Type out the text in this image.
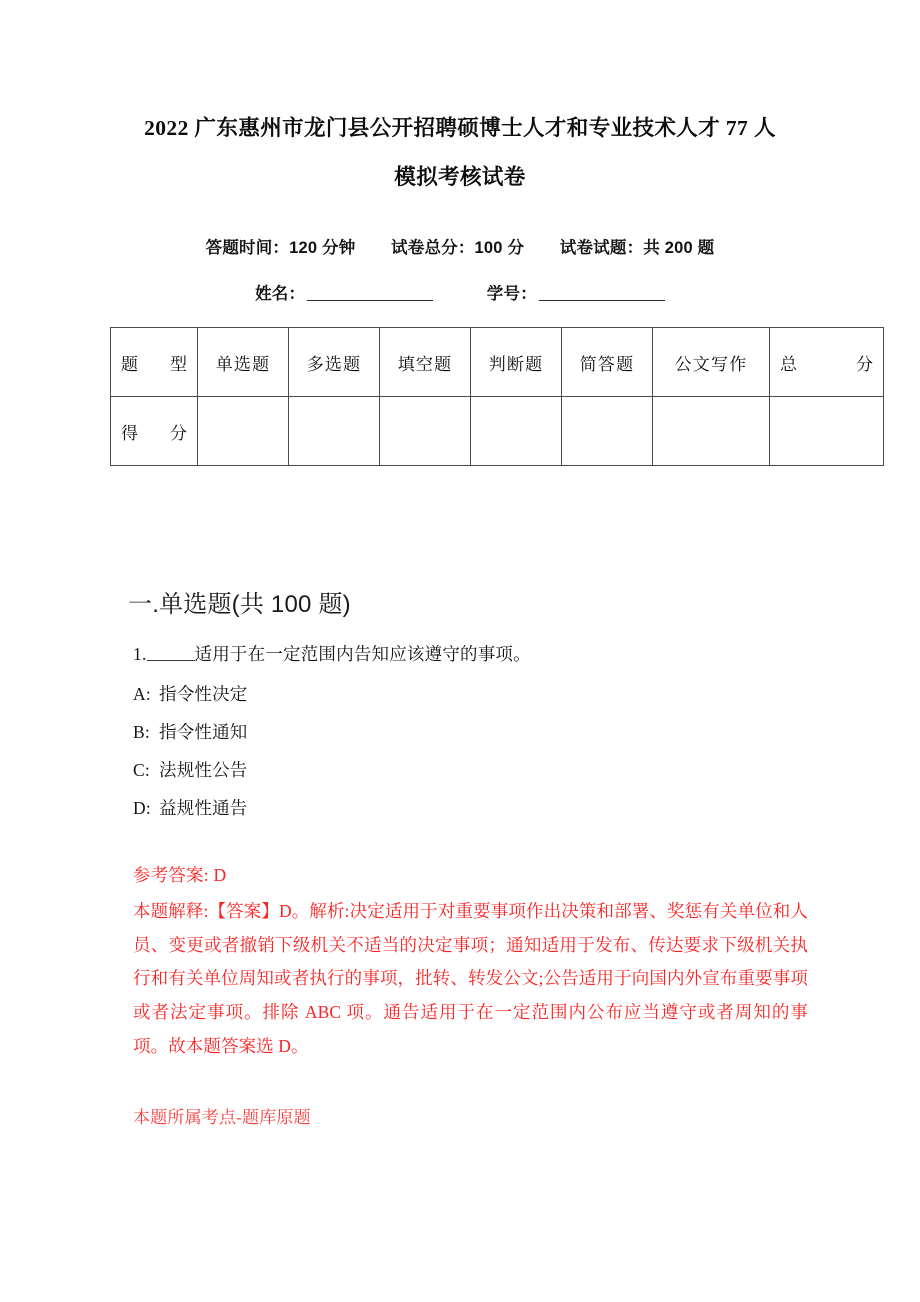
2022 广东惠州市龙门县公开招聘硕博士人才和专业技术人才 77 人
模拟考核试卷
答题时间：120 分钟 试卷总分：100 分 试卷试题：共 200 题
姓名：	学号：
题型	单选题	多选题	填空题	判断题	简答题	公文写作	总分
得分							
一.单选题(共 100 题)
1.	适用于在一定范围内告知应该遵守的事项。
A: 指令性决定
B: 指令性通知
C: 法规性公告
D: 益规性通告
参考答案: D
本题解释:【答案】D。解析:决定适用于对重要事项作出决策和部署、奖惩有关单位和人员、变更或者撤销下级机关不适当的决定事项；通知适用于发布、传达要求下级机关执行和有关单位周知或者执行的事项，批转、转发公文;公告适用于向国内外宣布重要事项或者法定事项。排除 ABC 项。通告适用于在一定范围内公布应当遵守或者周知的事项。故本题答案选 D。
本题所属考点-题库原题
